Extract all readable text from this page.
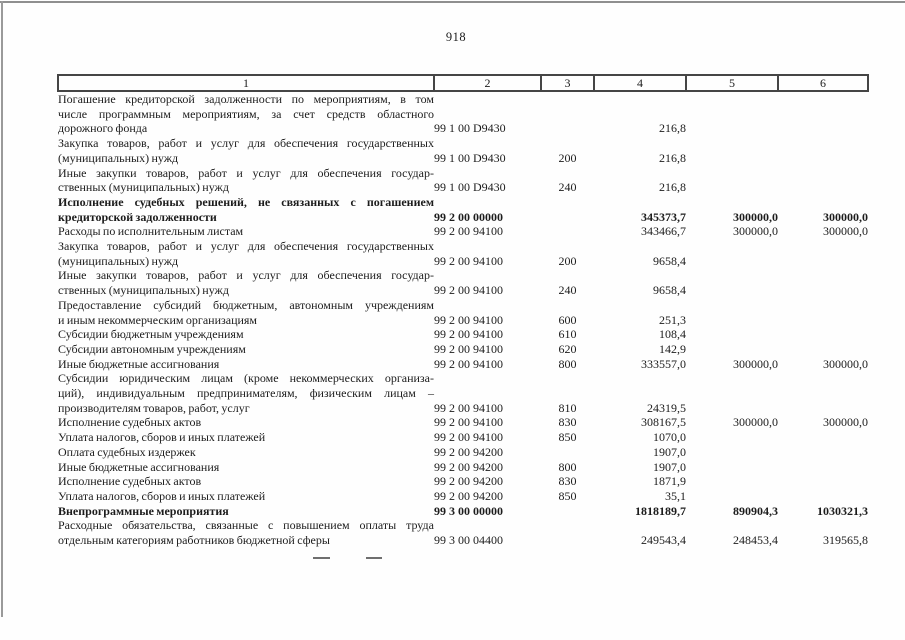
918
1	2	3	4	5	6

Погашение кредиторской задолженности по мероприятиям, в том
числе программным мероприятиям, за счет средств областного
дорожного фонда	99 1 00 D9430		216,8		

Закупка товаров, работ и услуг для обеспечения государственных
(муниципальных) нужд	99 1 00 D9430	200	216,8		

Иные закупки товаров, работ и услуг для обеспечения государ-
ственных (муниципальных) нужд	99 1 00 D9430	240	216,8		

Исполнение судебных решений, не связанных с погашением
кредиторской задолженности	99 2 00 00000		345373,7	300000,0	300000,0

Расходы по исполнительным листам	99 2 00 94100		343466,7	300000,0	300000,0

Закупка товаров, работ и услуг для обеспечения государственных
(муниципальных) нужд	99 2 00 94100	200	9658,4		

Иные закупки товаров, работ и услуг для обеспечения государ-
ственных (муниципальных) нужд	99 2 00 94100	240	9658,4		

Предоставление субсидий бюджетным, автономным учреждениям
и иным некоммерческим организациям	99 2 00 94100	600	251,3		

Субсидии бюджетным учреждениям	99 2 00 94100	610	108,4		

Субсидии автономным учреждениям	99 2 00 94100	620	142,9		

Иные бюджетные ассигнования	99 2 00 94100	800	333557,0	300000,0	300000,0

Субсидии юридическим лицам (кроме некоммерческих организа-
ций), индивидуальным предпринимателям, физическим лицам –
производителям товаров, работ, услуг	99 2 00 94100	810	24319,5		

Исполнение судебных актов	99 2 00 94100	830	308167,5	300000,0	300000,0

Уплата налогов, сборов и иных платежей	99 2 00 94100	850	1070,0		

Оплата судебных издержек	99 2 00 94200		1907,0		

Иные бюджетные ассигнования	99 2 00 94200	800	1907,0		

Исполнение судебных актов	99 2 00 94200	830	1871,9		

Уплата налогов, сборов и иных платежей	99 2 00 94200	850	35,1		

Внепрограммные мероприятия	99 3 00 00000		1818189,7	890904,3	1030321,3

Расходные обязательства, связанные с повышением оплаты труда
отдельным категориям работников бюджетной сферы	99 3 00 04400		249543,4	248453,4	319565,8
